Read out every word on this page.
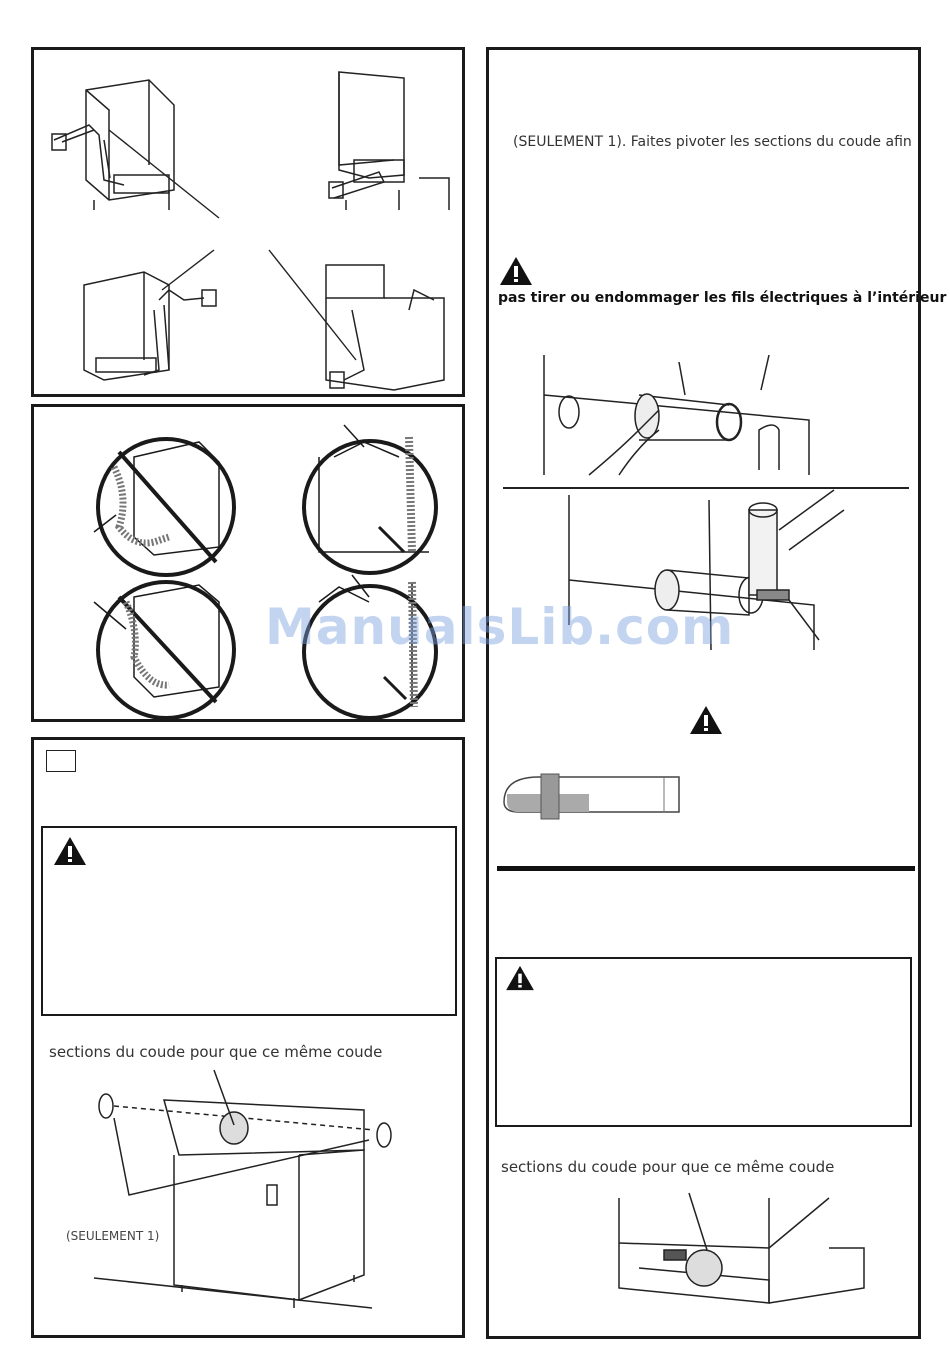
sections du coude pour que ce même coude
(SEULEMENT 1)
(SEULEMENT 1). Faites pivoter les sections du coude afin
pas tirer ou endommager les fils électriques à l’intérieur
sections du coude pour que ce même coude
ManualsLib.com
